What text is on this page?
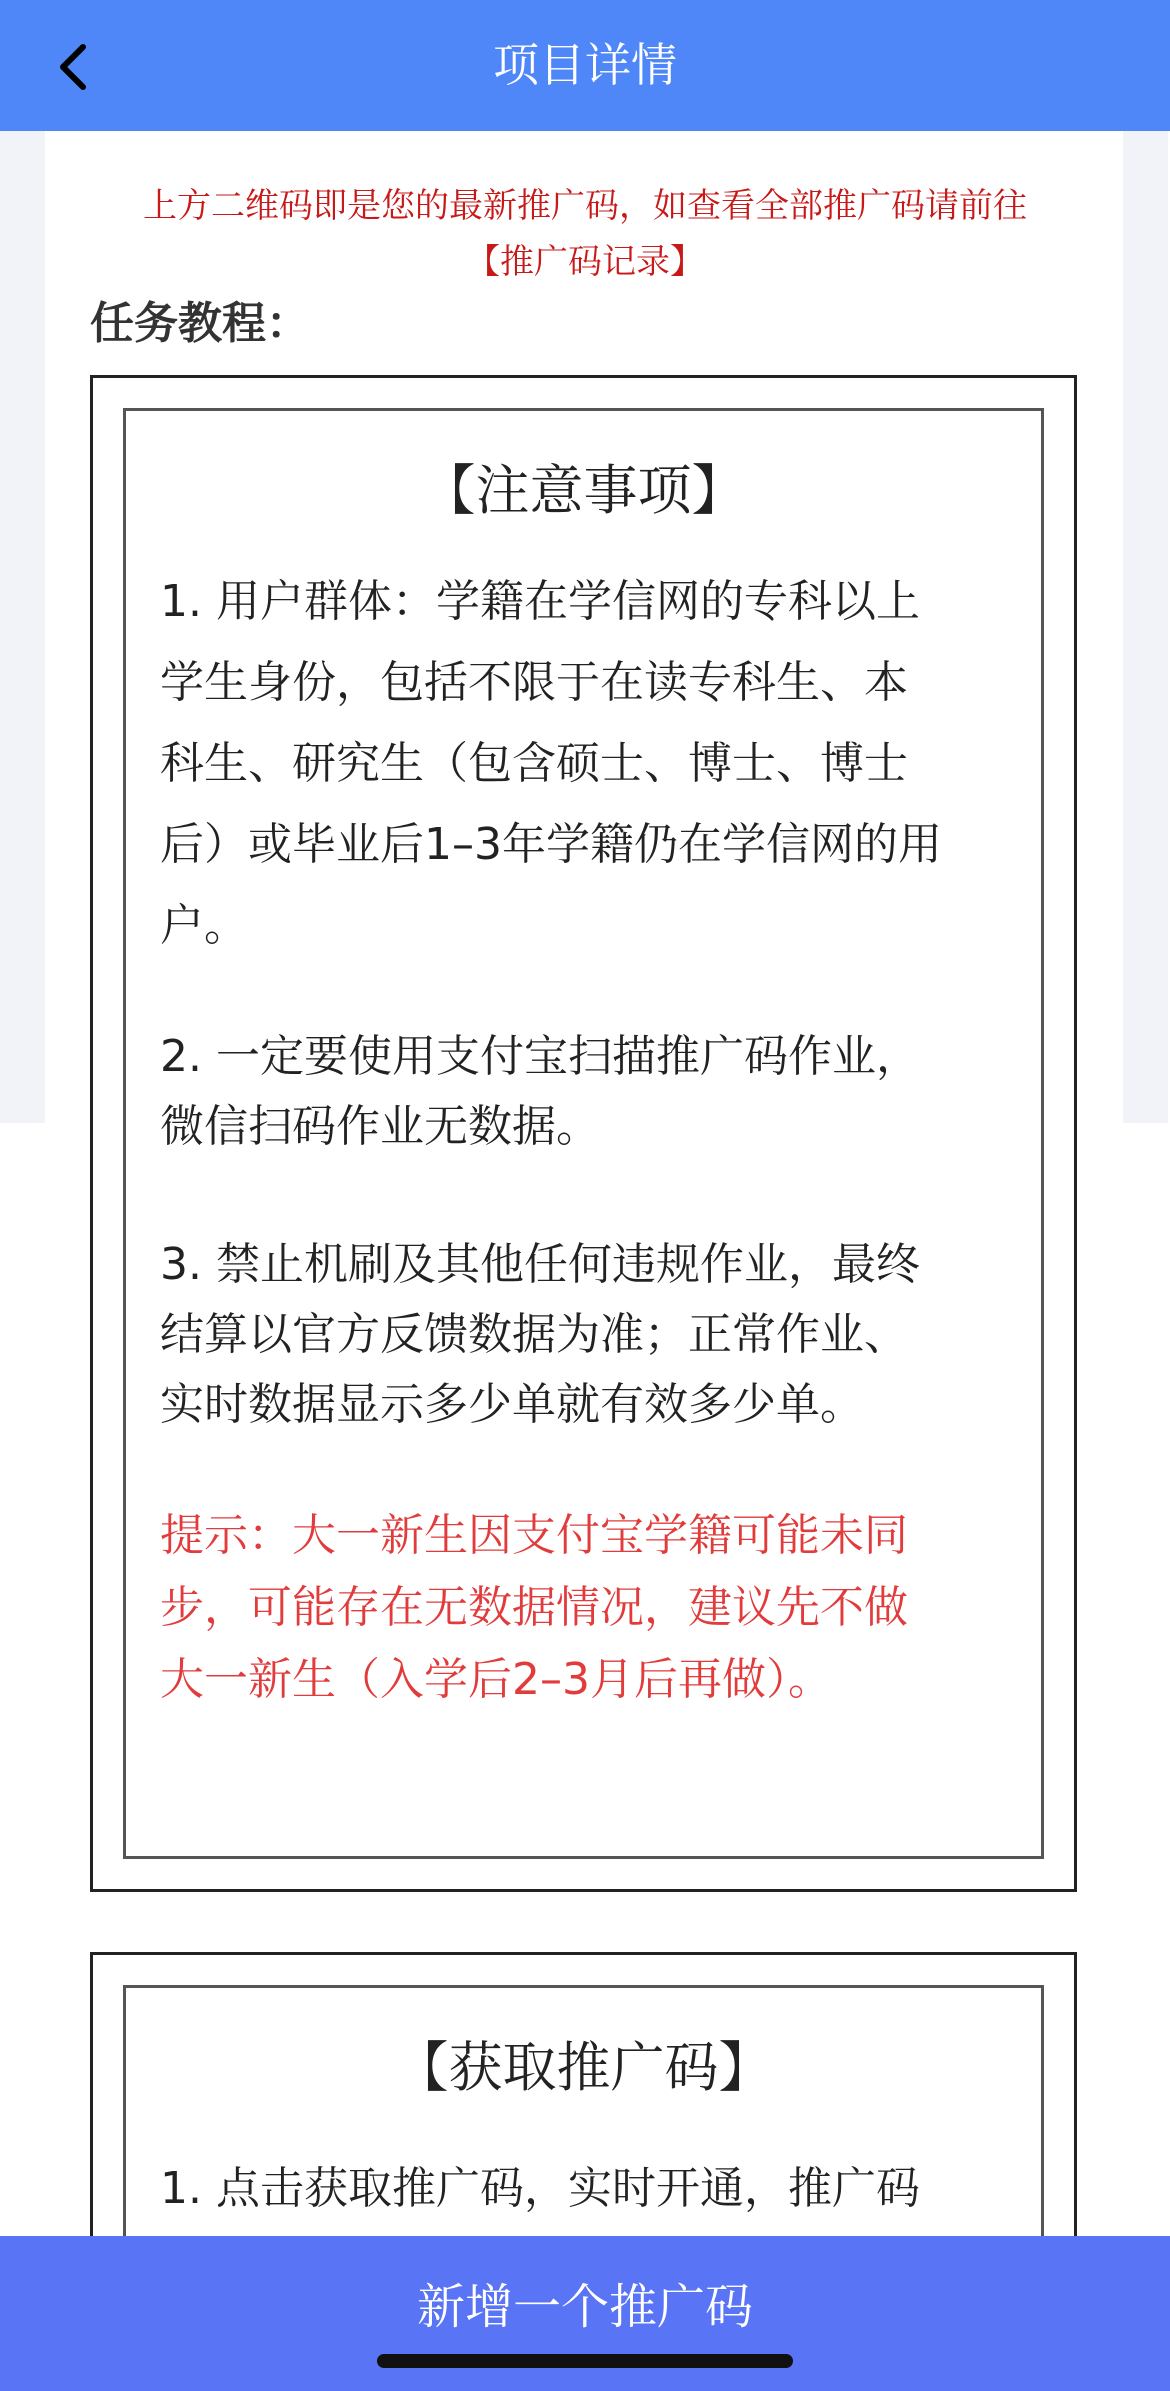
项目详情
上方二维码即是您的最新推广码，如查看全部推广码请前往
【推广码记录】
任务教程：
【注意事项】
1. 用户群体：学籍在学信网的专科以上
学生身份，包括不限于在读专科生、本
科生、研究生（包含硕士、博士、博士
后）或毕业后1–3年学籍仍在学信网的用
户。
2. 一定要使用支付宝扫描推广码作业，
微信扫码作业无数据。
3. 禁止机刷及其他任何违规作业，最终
结算以官方反馈数据为准；正常作业、
实时数据显示多少单就有效多少单。
提示：大一新生因支付宝学籍可能未同
步，可能存在无数据情况，建议先不做
大一新生（入学后2–3月后再做）。
【获取推广码】
1. 点击获取推广码，实时开通，推广码
新增一个推广码
